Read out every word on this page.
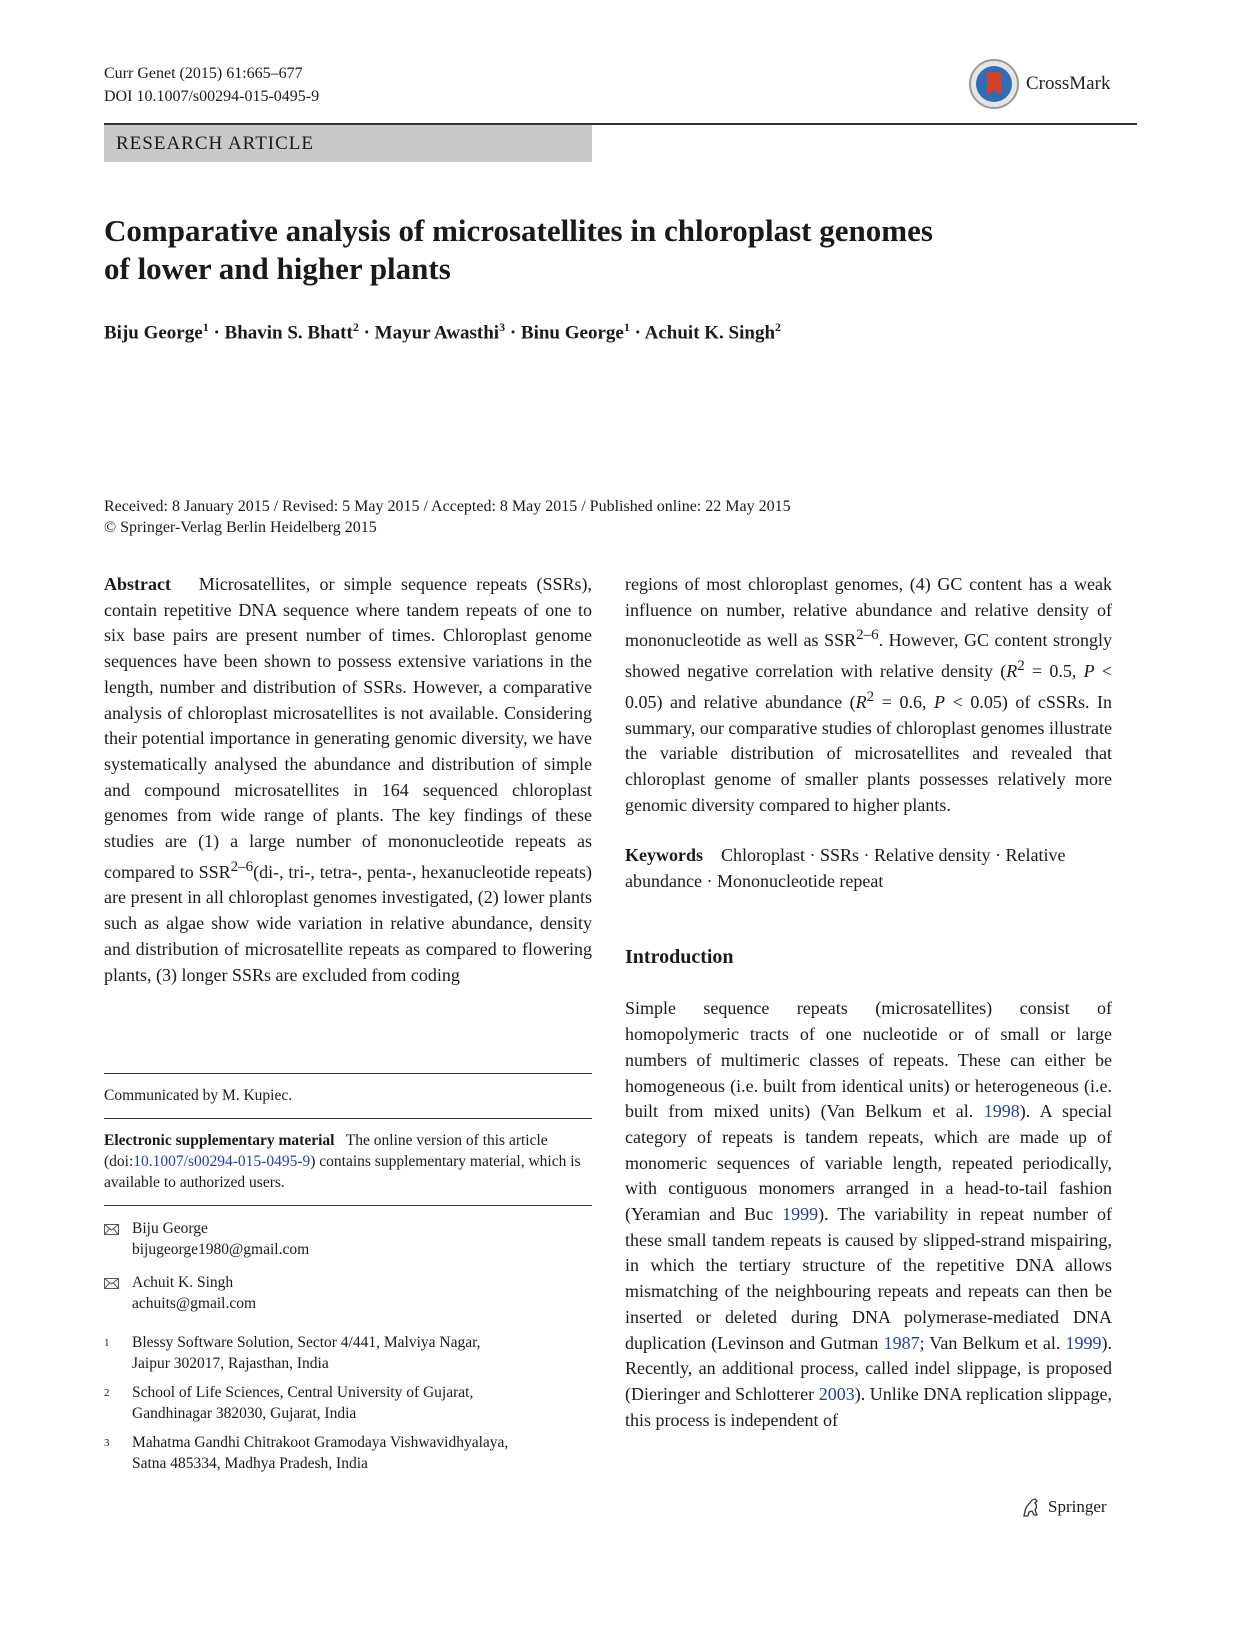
Curr Genet (2015) 61:665–677
DOI 10.1007/s00294-015-0495-9
CrossMark
RESEARCH ARTICLE
Comparative analysis of microsatellites in chloroplast genomes
of lower and higher plants
Biju George$^1$ · Bhavin S. Bhatt$^2$ · Mayur Awasthi$^3$ · Binu George$^1$ · Achuit K. Singh$^2$
Received: 8 January 2015 / Revised: 5 May 2015 / Accepted: 8 May 2015 / Published online: 22 May 2015
© Springer-Verlag Berlin Heidelberg 2015
Abstract Microsatellites, or simple sequence repeats (SSRs), contain repetitive DNA sequence where tandem repeats of one to six base pairs are present number of times. Chloroplast genome sequences have been shown to possess extensive variations in the length, number and distribution of SSRs. However, a comparative analysis of chloroplast microsatellites is not available. Considering their potential importance in generating genomic diversity, we have systematically analysed the abundance and distribution of simple and compound microsatellites in 164 sequenced chloroplast genomes from wide range of plants. The key findings of these studies are (1) a large number of mononucleotide repeats as compared to SSR$^{2-6}$(di-, tri-, tetra-, penta-, hexanucleotide repeats) are present in all chloroplast genomes investigated, (2) lower plants such as algae show wide variation in relative abundance, density and distribution of microsatellite repeats as compared to flowering plants, (3) longer SSRs are excluded from coding
regions of most chloroplast genomes, (4) GC content has a weak influence on number, relative abundance and relative density of mononucleotide as well as SSR$^{2-6}$. However, GC content strongly showed negative correlation with relative density ($R^2 = 0.5$, P < 0.05) and relative abundance ($R^2 = 0.6$, P < 0.05) of cSSRs. In summary, our comparative studies of chloroplast genomes illustrate the variable distribution of microsatellites and revealed that chloroplast genome of smaller plants possesses relatively more genomic diversity compared to higher plants.
Keywords Chloroplast · SSRs · Relative density · Relative abundance · Mononucleotide repeat
Introduction
Simple sequence repeats (microsatellites) consist of homopolymeric tracts of one nucleotide or of small or large numbers of multimeric classes of repeats. These can either be homogeneous (i.e. built from identical units) or heterogeneous (i.e. built from mixed units) (Van Belkum et al. 1998). A special category of repeats is tandem repeats, which are made up of monomeric sequences of variable length, repeated periodically, with contiguous monomers arranged in a head-to-tail fashion (Yeramian and Buc 1999). The variability in repeat number of these small tandem repeats is caused by slipped-strand mispairing, in which the tertiary structure of the repetitive DNA allows mismatching of the neighbouring repeats and repeats can then be inserted or deleted during DNA polymerase-mediated DNA duplication (Levinson and Gutman 1987; Van Belkum et al. 1999). Recently, an additional process, called indel slippage, is proposed (Dieringer and Schlotterer 2003). Unlike DNA replication slippage, this process is independent of
Communicated by M. Kupiec.
Electronic supplementary material The online version of this article (doi:10.1007/s00294-015-0495-9) contains supplementary material, which is available to authorized users.
Biju George
bijugeorge1980@gmail.com
Achuit K. Singh
achuits@gmail.com
1	Blessy Software Solution, Sector 4/441, Malviya Nagar,
Jaipur 302017, Rajasthan, India
2	School of Life Sciences, Central University of Gujarat,
Gandhinagar 382030, Gujarat, India
3	Mahatma Gandhi Chitrakoot Gramodaya Vishwavidhyalaya,
Satna 485334, Madhya Pradesh, India
Springer
